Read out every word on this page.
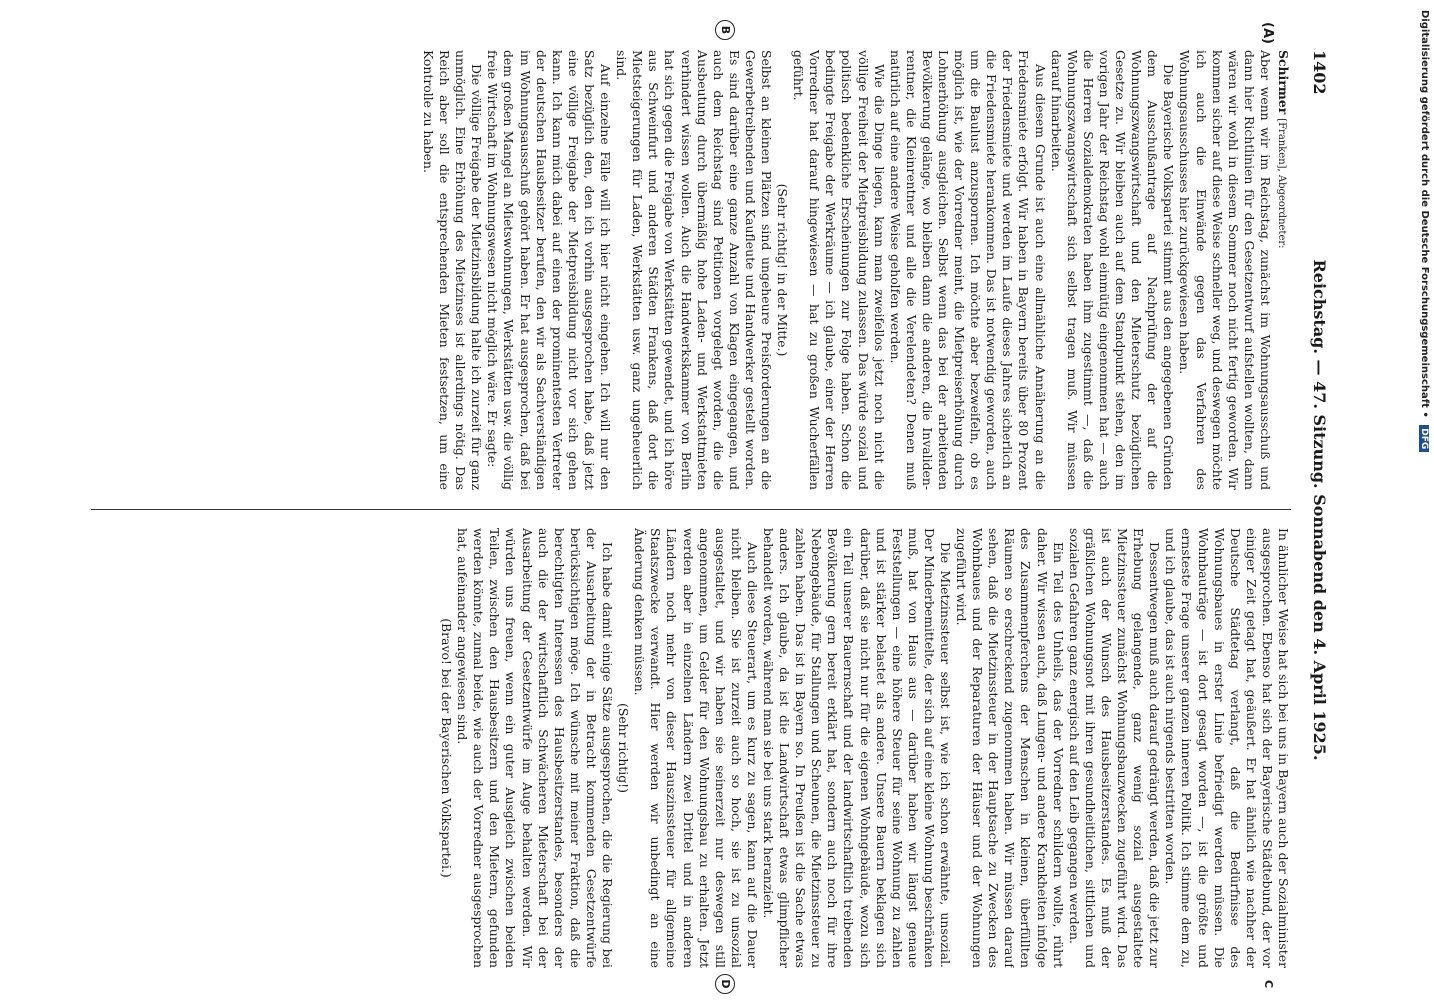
1402
Reichstag. — 47. Sitzung. Sonnabend den 4. April 1925.
(A)
B
C
D

Schirmer [Franken], Abgeordneter:

Aber wenn wir im Reichstag, zunächst im Wohnungsausschuß und dann hier Richtlinien für den Gesetzentwurf aufstellen wollten, dann wären wir wohl in diesem Sommer noch nicht fertig geworden. Wir kommen sicher auf diese Weise schneller weg, und deswegen möchte ich auch die Einwände gegen das Verfahren des Wohnungsausschusses hier zurückgewiesen haben.

Die Bayerische Volkspartei stimmt aus den angegebenen Gründen dem Ausschußantrage auf Nachprüfung der auf die Wohnungszwangswirtschaft und den Mieterschutz bezüglichen Gesetze zu. Wir bleiben auch auf dem Standpunkt stehen, den im vorigen Jahr der Reichstag wohl einmütig eingenommen hat — auch die Herren Sozialdemokraten haben ihm zugestimmt —, daß die Wohnungszwangswirtschaft sich selbst tragen muß. Wir müssen darauf hinarbeiten.

Aus diesem Grunde ist auch eine allmähliche Annäherung an die Friedensmiete erfolgt. Wir haben in Bayern bereits über 80 Prozent der Friedensmiete und werden im Laufe dieses Jahres sicherlich an die Friedensmiete herankommen. Das ist notwendig geworden, auch um die Baulust anzuspornen. Ich möchte aber bezweifeln, ob es möglich ist, wie der Vorredner meint, die Mietpreiserhöhung durch Lohnerhöhung ausgleichen. Selbst wenn das bei der arbeitenden Bevölkerung gelänge, wo bleiben dann die anderen, die Invalidenrentner, die Kleinrentner und alle die Verelendeten? Denen muß natürlich auf eine andere Weise geholfen werden.

Wie die Dinge liegen, kann man zweifellos jetzt noch nicht die völlige Freiheit der Mietpreisbildung zulassen. Das würde sozial und politisch bedenkliche Erscheinungen zur Folge haben. Schon die bedingte Freigabe der Werkräume — ich glaube, einer der Herren Vorredner hat darauf hingewiesen — hat zu großen Wucherfällen geführt.

(Sehr richtig! in der Mitte.)

Selbst an kleinen Plätzen sind ungeheure Preisforderungen an die Gewerbetreibenden und Kaufleute und Handwerker gestellt worden. Es sind darüber eine ganze Anzahl von Klagen eingegangen, und auch dem Reichstag sind Petitionen vorgelegt worden, die die Ausbeutung durch übermäßig hohe Laden- und Werkstattmieten verhindert wissen wollen. Auch die Handwerkskammer von Berlin hat sich gegen die Freigabe von Werkstätten gewendet, und ich höre aus Schweinfurt und anderen Städten Frankens, daß dort die Mietsteigerungen für Laden, Werkstätten usw. ganz ungeheuerlich sind.

Auf einzelne Fälle will ich hier nicht eingehen. Ich will nur den Satz bezüglich den, den ich vorhin ausgesprochen habe, daß jetzt eine völlige Freigabe der Mietpreisbildung nicht vor sich gehen kann. Ich kann mich dabei auf einen der prominentesten Vertreter der deutschen Hausbesitzer berufen, den wir als Sachverständigen im Wohnungsausschuß gehört haben. Er hat ausgesprochen, daß bei dem großen Mangel an Mietswohnungen, Werkstätten usw. die völlig freie Wirtschaft im Wohnungswesen nicht möglich wäre. Er sagte:

Die völlige Freigabe der Mietzinsbildung halte ich zurzeit für ganz unmöglich. Eine Erhöhung des Mietzinses ist allerdings nötig. Das Reich aber soll die entsprechenden Mieten festsetzen, um eine Kontrolle zu haben.

In ähnlicher Weise hat sich bei uns in Bayern auch der Sozialminister ausgesprochen. Ebenso hat sich der Bayerische Städtebund, der vor einiger Zeit getagt hat, geäußert. Er hat ähnlich wie nachher der Deutsche Städtetag verlangt, daß die Bedürfnisse des Wohnungsbaues in erster Linie befriedigt werden müssen. Die Wohnbauträge — ist dort gesagt worden —, ist die größte und ernsteste Frage unserer ganzen inneren Politik. Ich stimme dem zu, und ich glaube, das ist auch nirgends bestritten worden.

Dessentwegen muß auch darauf gedrängt werden, daß die jetzt zur Erhebung gelangende, ganz wenig sozial ausgestaltete Mietzinssteuer zunächst Wohnungsbauzwecken zugeführt wird. Das ist auch der Wunsch des Hausbesitzerstandes. Es muß der gräßlichen Wohnungsnot mit ihren gesundheitlichen, sittlichen und sozialen Gefahren ganz energisch auf den Leib gegangen werden.

Ein Teil des Unheils, das der Vorredner schildern wollte, rührt daher. Wir wissen auch, daß Lungen- und andere Krankheiten infolge des Zusammenpferchens der Menschen in kleinen, überfüllten Räumen so erschreckend zugenommen haben. Wir müssen darauf sehen, daß die Mietzinssteuer in der Hauptsache zu Zwecken des Wohnbaues und der Reparaturen der Häuser und der Wohnungen zugeführt wird.

Die Mietzinssteuer selbst ist, wie ich schon erwähnte, unsozial. Der Minderbemittelte, der sich auf eine kleine Wohnung beschränken muß, hat von Haus aus — darüber haben wir längst genaue Feststellungen — eine höhere Steuer für seine Wohnung zu zahlen und ist stärker belastet als andere. Unsere Bauern beklagen sich darüber, daß sie nicht nur für die eigenen Wohngebäude, wozu sich ein Teil unserer Bauernschaft und der landwirtschaftlich treibenden Bevölkerung gern bereit erklärt hat, sondern auch noch für ihre Nebengebäude, für Stallungen und Scheunen, die Mietzinssteuer zu zahlen haben. Das ist in Bayern so. In Preußen ist die Sache etwas anders. Ich glaube, da ist die Landwirtschaft etwas glimpflicher behandelt worden, während man sie bei uns stark heranzieht.

Auch diese Steuerart, um es kurz zu sagen, kann auf die Dauer nicht bleiben. Sie ist zurzeit auch so hoch, sie ist zu unsozial ausgestaltet, und wir haben sie seinerzeit nur deswegen still angenommen, um Gelder für den Wohnungsbau zu erhalten. Jetzt werden aber in einzelnen Ländern zwei Drittel und in anderen Ländern noch mehr von dieser Hauszinssteuer für allgemeine Staatszwecke verwandt. Hier werden wir unbedingt an eine Änderung denken müssen.

(Sehr richtig!)

Ich habe damit einige Sätze ausgesprochen, die die Regierung bei der Ausarbeitung der in Betracht kommenden Gesetzentwürfe berücksichtigen möge. Ich wünsche mit meiner Fraktion, daß die berechtigten Interessen des Hausbesitzerstandes, besonders der auch die der wirtschaftlich Schwächeren Mieterschaft bei der Ausarbeitung der Gesetzentwürfe im Auge behalten werden. Wir würden uns freuen, wenn ein guter Ausgleich zwischen beiden Teilen, zwischen den Hausbesitzern und den Mietern, gefunden werden könnte, zumal beide, wie auch der Vorredner ausgesprochen hat, aufeinander angewiesen sind.

(Bravo! bei der Bayerischen Volkspartei.)

Digitalisierung gefördert durch die Deutsche Forschungsgemeinschaft • DFG
